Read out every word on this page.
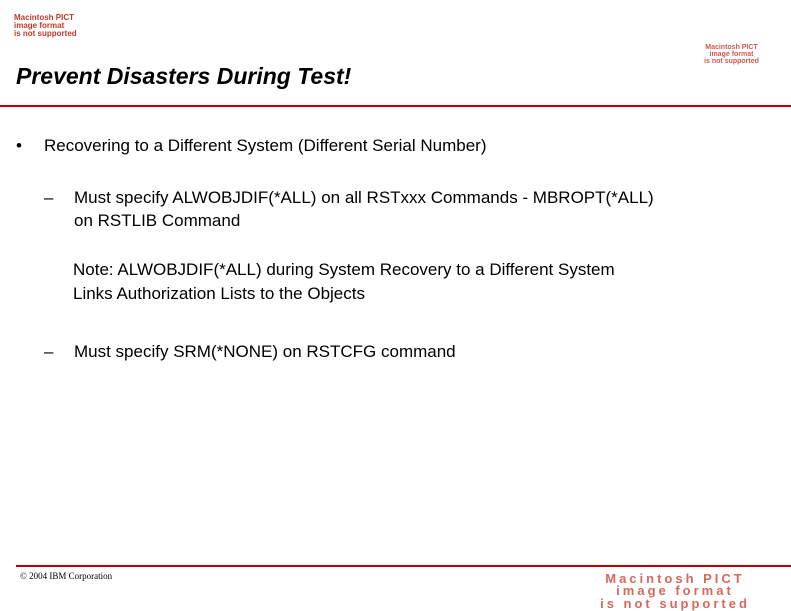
Macintosh PICT
image format
is not supported
Macintosh PICT
image format
is not supported
Prevent Disasters During Test!
• Recovering to a Different System (Different Serial Number)
– Must specify ALWOBJDIF(*ALL) on all RSTxxx Commands - MBROPT(*ALL)
on RSTLIB Command
Note: ALWOBJDIF(*ALL) during System Recovery to a Different System
Links Authorization Lists to the Objects
– Must specify SRM(*NONE) on RSTCFG command
© 2004 IBM Corporation	Macintosh PICT
image format
is not supported
